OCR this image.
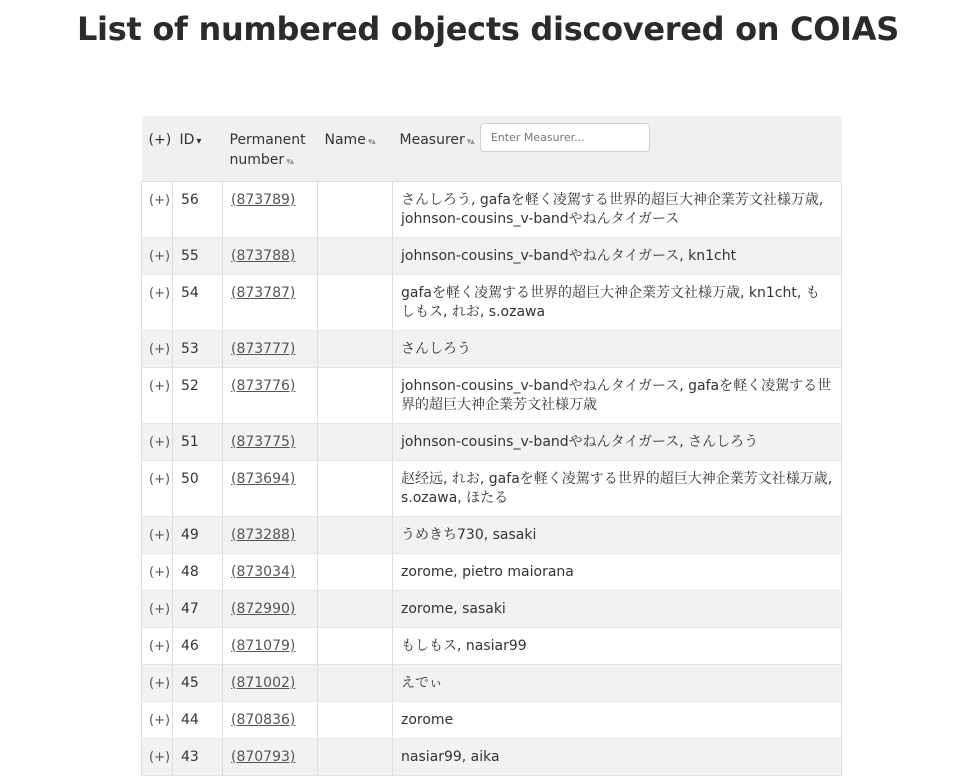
List of numbered objects discovered on COIAS
(+)	ID ▾	Permanent number ▾▴	Name ▾▴	Measurer ▾▴Enter Measurer...
(+)	56	(873789)		さんしろう, gafaを軽く凌駕する世界的超巨大神企業芳文社様万歳, johnson-cousins_v-bandやねんタイガース
(+)	55	(873788)		johnson-cousins_v-bandやねんタイガース, kn1cht
(+)	54	(873787)		gafaを軽く凌駕する世界的超巨大神企業芳文社様万歳, kn1cht, もしもス, れお, s.ozawa
(+)	53	(873777)		さんしろう
(+)	52	(873776)		johnson-cousins_v-bandやねんタイガース, gafaを軽く凌駕する世界的超巨大神企業芳文社様万歳
(+)	51	(873775)		johnson-cousins_v-bandやねんタイガース, さんしろう
(+)	50	(873694)		赵经远, れお, gafaを軽く凌駕する世界的超巨大神企業芳文社様万歳, s.ozawa, ほたる
(+)	49	(873288)		うめきち730, sasaki
(+)	48	(873034)		zorome, pietro maiorana
(+)	47	(872990)		zorome, sasaki
(+)	46	(871079)		もしもス, nasiar99
(+)	45	(871002)		えでぃ
(+)	44	(870836)		zorome
(+)	43	(870793)		nasiar99, aika
